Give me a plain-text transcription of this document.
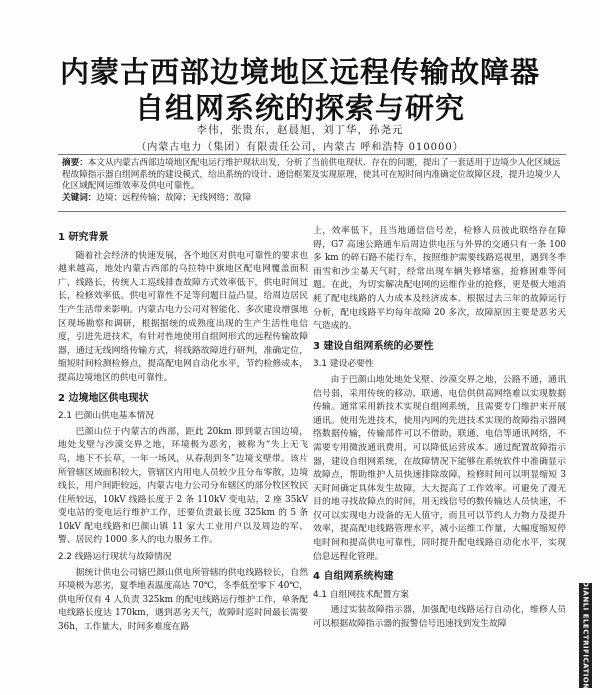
内蒙古西部边境地区远程传输故障器
自组网系统的探索与研究
李伟，张贵东，赵晨旭，刘丁华，孙尧元
（内蒙古电力（集团）有限责任公司，内蒙古 呼和浩特 010000）
摘要：本文从内蒙古西部边境地区配电运行维护现状出发，分析了当前供电现状、存在的问题，提出了一套适用于边境少人化区域远程故障指示器自组网系统的建设模式，给出系统的设计、通信框架及实现原理，使其可在短时间内准确定位故障区段，提升边境少人化区域配网运维效率及供电可靠性。
关键词：边境；远程传输；故障；无线网络；故障
1 研究背景

随着社会经济的快速发展，各个地区对供电可靠性的要求也越来越高，地处内蒙古西部的乌拉特中旗地区配电网覆盖面积广，线路长，传统人工巡线排查故障方式效率低下，供电时间过长，检修效率低。供电可靠性不足等问题日益凸显，给周边居民生产生活带来影响。内蒙古电力公司对智能化、多次建设增强地区现场勘察和调研，根据据统的成熟度出现的生产生活性电信度，引进先进技术，有针对性地使用自组网形式的远程传输故障器，通过无线网络传输方式，将线路故障进行研判，准确定位，缩短时间检测检修点，提高配电网自动化水平，节约检修成本，提高边境地区的供电可靠性。

2 边境地区供电现状
2.1 巴颜山供电基本情况

巴颜山位于内蒙古的西部，距此 20km 即到蒙古国边境，地处戈壁与沙漠交界之地，环境极为恶劣，被称为“失上无飞鸟，地下不长草，一年一场风，从春刮到冬”边境戈壁带。该片所管辖区域面积较大，管辖区内用电人员较少且分布零散，边境线长，用户间距较远，内蒙古电力公司分布辖区的部分牧区牧民住所较远，10kV 线路长度于 2 条 110kV 变电站，2 座 35kV 变电站的变电运行维护工作，还要负责最长度 325km 的 5 条 10kV 配电线路和巴颜山镇 11 家大工业用户以及周边的军、警、居民约 1000 多人的电力服务工作。

2.2 线路运行现状与故障情况

据统计供电公司辖巴颜山供电所管辖的供电线路较长，自然环境极为恶劣，夏季地表温度高达 70℃，冬季低至零下 40℃，供电所仅有 4 人负责 325km 的配电线路运行维护工作，单条配电线路长度达 170km，遇到恶劣天气，故障时巡时间最长需要 36h，工作量大，时间多难度在路

上，效率低下，且当地通信信号差，检修人员彼此联络存在障碍，G7 高速公路通车后周边供电压与外界的交通只有一条 100 多 km 的碎石路不能行车，按照维护需要线路巡视里，遇到冬季雨雪和沙尘暴天气时，经常出现车辆失修堵塞，抢修困难等问题。在此，为切实解决配电网的运维作业的抢修，更是极大地消耗了配电线路的人力成本及经济成本。根据过去三年的故障运行分析，配电线路平均每年故障 20 多次，故障原因主要是恶劣天气造成的。

3 建设自组网系统的必要性
3.1 建设必要性

由于巴颜山地处地处戈壁、沙漠交界之地，公路不通，通讯信号弱，采用传统的移动、联通、电信供供高网络难以实现数据传输。通常采用新技术实现自组网系统，且需要专门维护来开展通讯。使用先进技术，使用内网的先进技术实现的故障指示器网络数据传输，传输部件可以不借助，联通、电信等通讯网络，不需要专用微波通讯费用，可以降低运营成本。通过配置故障指示器，建设自组网系统，在故障情况下能够在系统软件中准确显示故障点，帮助维护人员快速排除故障，检修时间可以明显缩短 3 天时间确定具体发生故障，大大提高了工作效率。可避免了漫无目的地寻找故障点的时间，用无线信号的数传输达人员快速，不仅可以实现电力设备的无人值守，而且可以节约人力物力及提升效率，提高配电线路管理水平，减小运维工作量，大幅度缩短停电时间和提高供电可靠性，同时提升配电线路自动化水平，实现信息远程化管理。

4 自组网系统构建
4.1 自组网技术配置方案

通过实装故障指示器，加强配电线路运行自动化，维修人员可以根据故障指示器的报警信号迅速找到发生故障	DIANLI ELECTRIFICATION
